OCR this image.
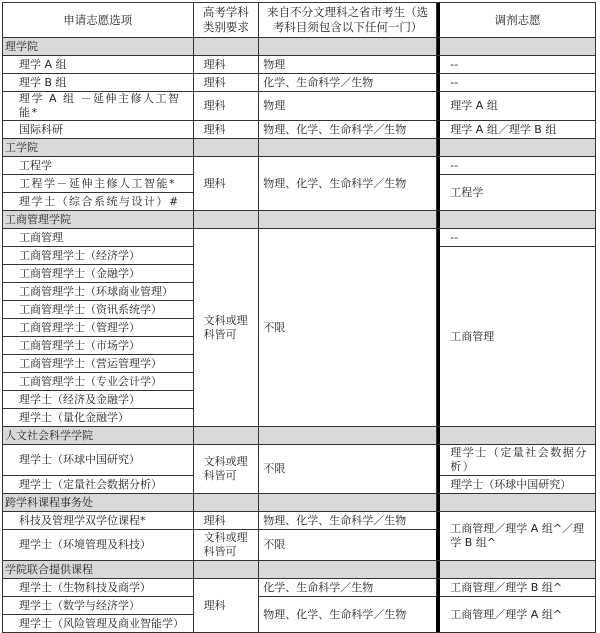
申请志愿选项	高考学科类别要求	来自不分文理科之省市考生（选考科目须包含以下任何一门）		调剂志愿
理学院				
理学 A 组	理科	物理		--
理学 B 组	理科	化学、生命科学／生物		--
理学 A 组 －延伸主修人工智能*	理科	物理		理学 A 组
国际科研	理科	物理、化学、生命科学／生物		理学 A 组／理学 B 组
工学院				
工程学	理科	物理、化学、生命科学／生物		--
工程学－延伸主修人工智能*				工程学
理学士（综合系统与设计）#				
工商管理学院				
工商管理	文科或理科皆可	不限		--
工商管理学士（经济学）				工商管理
工商管理学士（金融学）				
工商管理学士（环球商业管理）				
工商管理学士（资讯系统学）				
工商管理学士（管理学）				
工商管理学士（市场学）				
工商管理学士（营运管理学）				
工商管理学士（专业会计学）				
理学士（经济及金融学）				
理学士（量化金融学）				
人文社会科学学院				
理学士（环球中国研究）	文科或理科皆可	不限		理学士（定量社会数据分析）
理学士（定量社会数据分析）				理学士（环球中国研究）
跨学科课程事务处				
科技及管理学双学位课程*	理科	物理、化学、生命科学／生物		工商管理／理学 A 组^／理学 B 组^
理学士（环境管理及科技）	文科或理科皆可	不限		
学院联合提供课程				
理学士（生物科技及商学）	理科	化学、生命科学／生物		工商管理／理学 B 组^
理学士（数学与经济学）		物理、化学、生命科学／生物		工商管理／理学 A 组^
理学士（风险管理及商业智能学）				
